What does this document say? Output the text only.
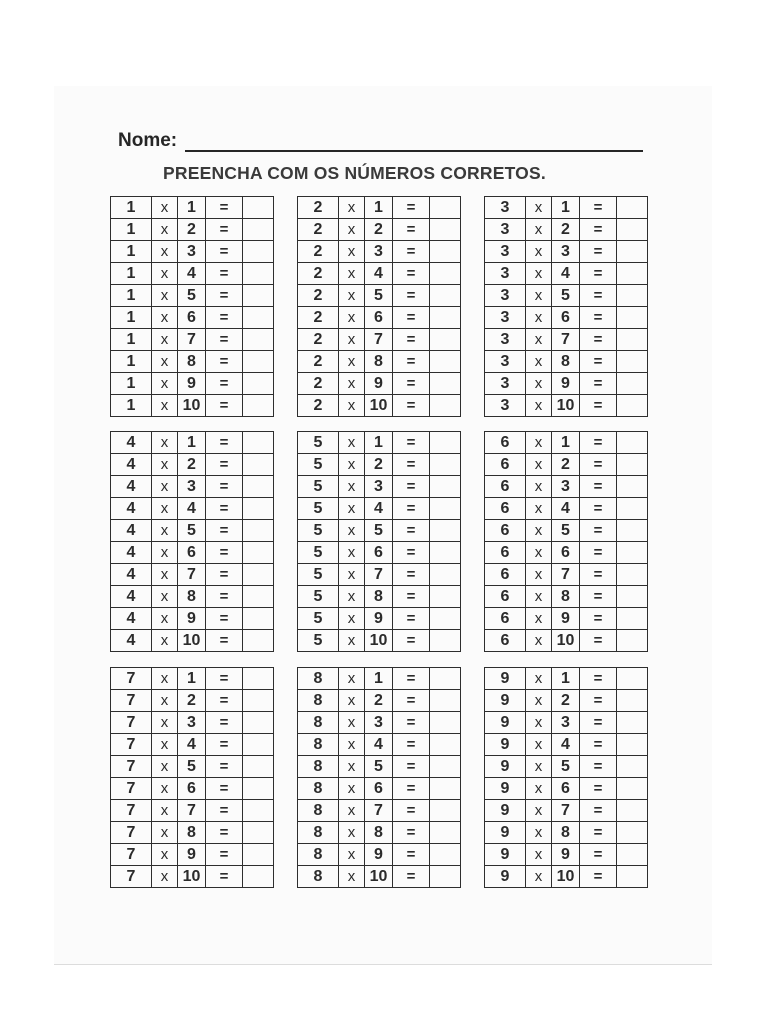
Nome:
PREENCHA COM OS NÚMEROS CORRETOS.
1	x	1	=	
1	x	2	=	
1	x	3	=	
1	x	4	=	
1	x	5	=	
1	x	6	=	
1	x	7	=	
1	x	8	=	
1	x	9	=	
1	x	10	=	
2	x	1	=	
2	x	2	=	
2	x	3	=	
2	x	4	=	
2	x	5	=	
2	x	6	=	
2	x	7	=	
2	x	8	=	
2	x	9	=	
2	x	10	=	
3	x	1	=	
3	x	2	=	
3	x	3	=	
3	x	4	=	
3	x	5	=	
3	x	6	=	
3	x	7	=	
3	x	8	=	
3	x	9	=	
3	x	10	=	
4	x	1	=	
4	x	2	=	
4	x	3	=	
4	x	4	=	
4	x	5	=	
4	x	6	=	
4	x	7	=	
4	x	8	=	
4	x	9	=	
4	x	10	=	
5	x	1	=	
5	x	2	=	
5	x	3	=	
5	x	4	=	
5	x	5	=	
5	x	6	=	
5	x	7	=	
5	x	8	=	
5	x	9	=	
5	x	10	=	
6	x	1	=	
6	x	2	=	
6	x	3	=	
6	x	4	=	
6	x	5	=	
6	x	6	=	
6	x	7	=	
6	x	8	=	
6	x	9	=	
6	x	10	=	
7	x	1	=	
7	x	2	=	
7	x	3	=	
7	x	4	=	
7	x	5	=	
7	x	6	=	
7	x	7	=	
7	x	8	=	
7	x	9	=	
7	x	10	=	
8	x	1	=	
8	x	2	=	
8	x	3	=	
8	x	4	=	
8	x	5	=	
8	x	6	=	
8	x	7	=	
8	x	8	=	
8	x	9	=	
8	x	10	=	
9	x	1	=	
9	x	2	=	
9	x	3	=	
9	x	4	=	
9	x	5	=	
9	x	6	=	
9	x	7	=	
9	x	8	=	
9	x	9	=	
9	x	10	=	
